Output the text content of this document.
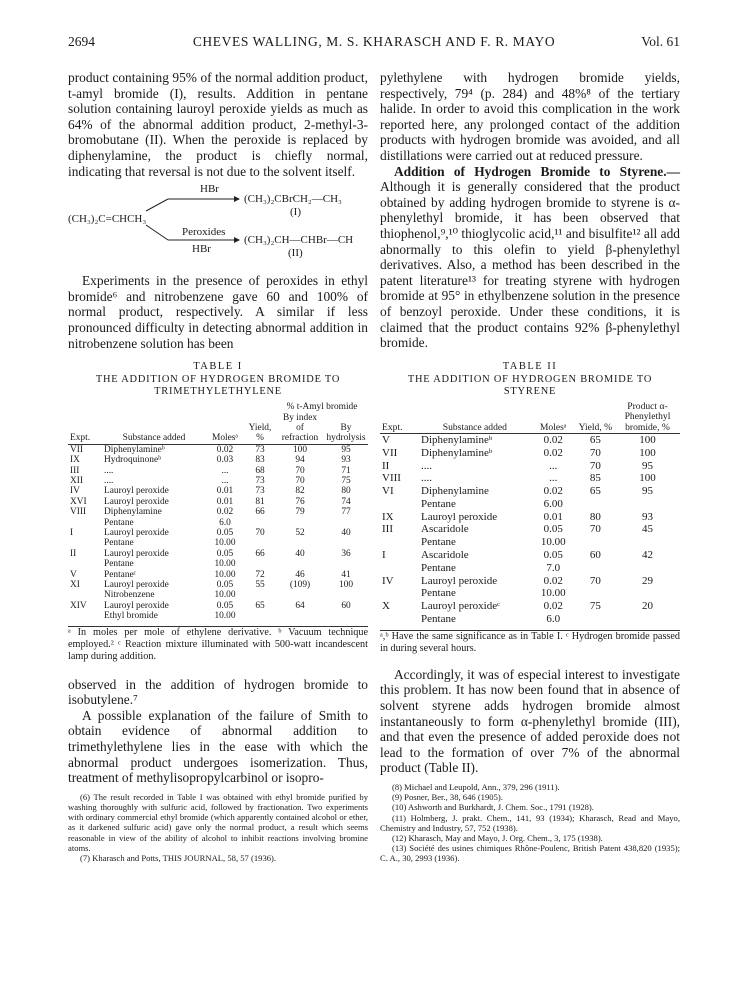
2694	CHEVES WALLING, M. S. KHARASCH AND F. R. MAYO	Vol. 61

product containing 95% of the normal addition product, t-amyl bromide (I), results. Addition in pentane solution containing lauroyl peroxide yields as much as 64% of the abnormal addition product, 2-methyl-3-bromobutane (II). When the peroxide is replaced by diphenylamine, the product is chiefly normal, indicating that reversal is not due to the solvent itself.

HBr
(CH₃)₂C=CHCH₃
(CH₃)₂CBrCH₂—CH₃
(I)
Peroxides
HBr
(CH₃)₂CH—CHBr—CH
(II)

Experiments in the presence of peroxides in ethyl bromide⁶ and nitrobenzene gave 60 and 100% of normal product, respectively. A similar if less pronounced difficulty in detecting abnormal addition in nitrobenzene solution has been

TABLE I
THE ADDITION OF HYDROGEN BROMIDE TO TRIMETHYLETHYLENE
				% t-Amyl bromide	
Expt.	Substance added	Molesᵃ	Yield, %	By index of refraction	By hydrolysis
VII	Diphenylamineᵇ	0.02	73	100	95
IX	Hydroquinoneᵇ	0.03	83	94	93
III	....	...	68	70	71
XII	....	...	73	70	75
IV	Lauroyl peroxide	0.01	73	82	80
XVI	Lauroyl peroxide	0.01	81	76	74
VIII	Diphenylamine	0.02	66	79	77
	Pentane	6.0			
I	Lauroyl peroxide	0.05	70	52	40
	Pentane	10.00			
II	Lauroyl peroxide	0.05	66	40	36
	Pentane	10.00			
V	Pentaneᶜ	10.00	72	46	41
XI	Lauroyl peroxide	0.05	55	(109)	100
	Nitrobenzene	10.00			
XIV	Lauroyl peroxide	0.05	65	64	60
	Ethyl bromide	10.00			
ᵃ In moles per mole of ethylene derivative. ᵇ Vacuum technique employed.² ᶜ Reaction mixture illuminated with 500-watt incandescent lamp during addition.

observed in the addition of hydrogen bromide to isobutylene.⁷

A possible explanation of the failure of Smith to obtain evidence of abnormal addition to trimethylethylene lies in the ease with which the abnormal product undergoes isomerization. Thus, treatment of methylisopropylcarbinol or isopro-

(6) The result recorded in Table I was obtained with ethyl bromide purified by washing thoroughly with sulfuric acid, followed by fractionation. Two experiments with ordinary commercial ethyl bromide (which apparently contained alcohol or ether, as it darkened sulfuric acid) gave only the normal product, a result which seems reasonable in view of the ability of alcohol to inhibit reactions involving bromine atoms.
(7) Kharasch and Potts, THIS JOURNAL, 58, 57 (1936).

pylethylene with hydrogen bromide yields, respectively, 79⁴ (p. 284) and 48%⁸ of the tertiary halide. In order to avoid this complication in the work reported here, any prolonged contact of the addition products with hydrogen bromide was avoided, and all distillations were carried out at reduced pressure.

Addition of Hydrogen Bromide to Styrene.— Although it is generally considered that the product obtained by adding hydrogen bromide to styrene is α-phenylethyl bromide, it has been observed that thiophenol,⁹,¹⁰ thioglycolic acid,¹¹ and bisulfite¹² all add abnormally to this olefin to yield β-phenylethyl derivatives. Also, a method has been described in the patent literature¹³ for treating styrene with hydrogen bromide at 95° in ethylbenzene solution in the presence of benzoyl peroxide. Under these conditions, it is claimed that the product contains 92% β-phenylethyl bromide.

TABLE II
THE ADDITION OF HYDROGEN BROMIDE TO STYRENE
Expt.	Substance added	Molesᵃ	Yield, %	Product α-Phenylethyl bromide, %
V	Diphenylamineᵇ	0.02	65	100
VII	Diphenylamineᵇ	0.02	70	100
II	....	...	70	95
VIII	....	...	85	100
VI	Diphenylamine	0.02	65	95
	Pentane	6.00		
IX	Lauroyl peroxide	0.01	80	93
III	Ascaridole	0.05	70	45
	Pentane	10.00		
I	Ascaridole	0.05	60	42
	Pentane	7.0		
IV	Lauroyl peroxide	0.02	70	29
	Pentane	10.00		
X	Lauroyl peroxideᶜ	0.02	75	20
	Pentane	6.0		
ᵃ,ᵇ Have the same significance as in Table I. ᶜ Hydrogen bromide passed in during several hours.

Accordingly, it was of especial interest to investigate this problem. It has now been found that in absence of solvent styrene adds hydrogen bromide almost instantaneously to form α-phenylethyl bromide (III), and that even the presence of added peroxide does not lead to the formation of over 7% of the abnormal product (Table II).

(8) Michael and Leupold, Ann., 379, 296 (1911).
(9) Posner, Ber., 38, 646 (1905).
(10) Ashworth and Burkhardt, J. Chem. Soc., 1791 (1928).
(11) Holmberg, J. prakt. Chem., 141, 93 (1934); Kharasch, Read and Mayo, Chemistry and Industry, 57, 752 (1938).
(12) Kharasch, May and Mayo, J. Org. Chem., 3, 175 (1938).
(13) Société des usines chimiques Rhône-Poulenc, British Patent 438,820 (1935); C. A., 30, 2993 (1936).
